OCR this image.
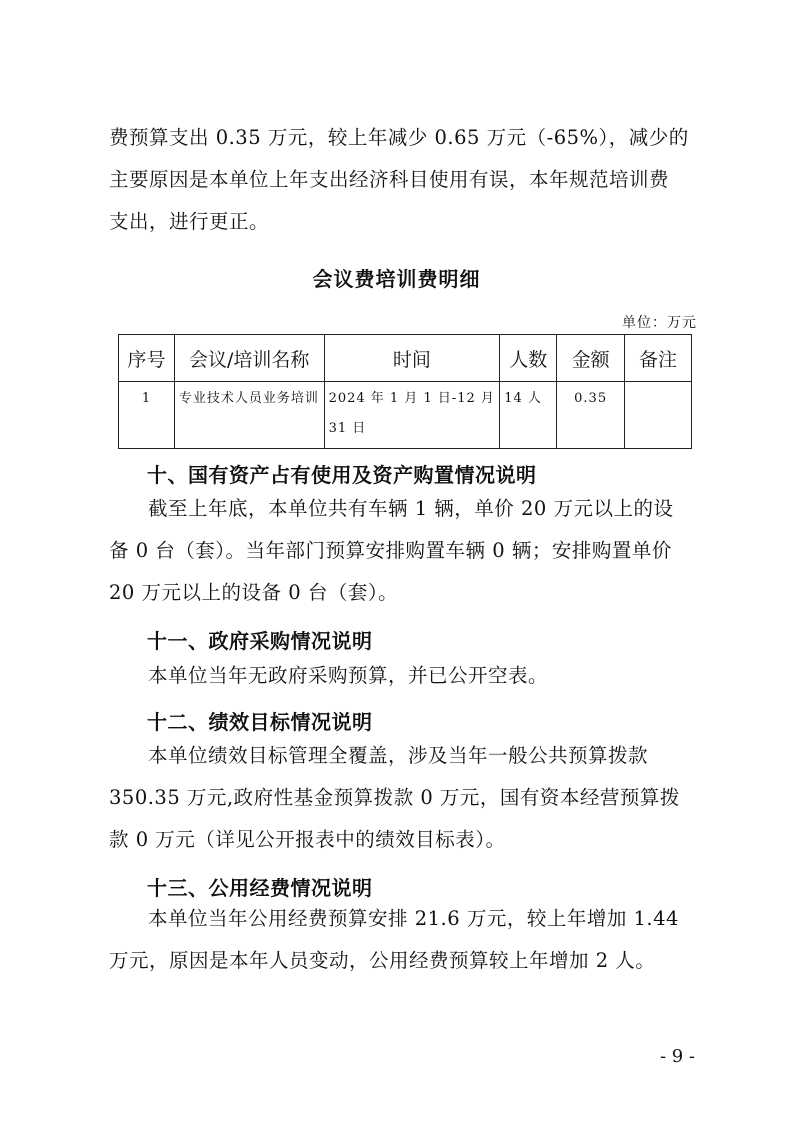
费预算支出 0.35 万元，较上年减少 0.65 万元（-65%），减少的
主要原因是本单位上年支出经济科目使用有误，本年规范培训费
支出，进行更正。
会议费培训费明细
单位：万元
序号	会议/培训名称	时间	人数	金额	备注
1	专业技术人员业务培训	2024 年 1 月 1 日-12 月 31 日	14 人	0.35	
十、国有资产占有使用及资产购置情况说明
截至上年底，本单位共有车辆 1 辆，单价 20 万元以上的设
备 0 台（套）。当年部门预算安排购置车辆 0 辆；安排购置单价
20 万元以上的设备 0 台（套）。
十一、政府采购情况说明
本单位当年无政府采购预算，并已公开空表。
十二、绩效目标情况说明
本单位绩效目标管理全覆盖，涉及当年一般公共预算拨款
350.35 万元,政府性基金预算拨款 0 万元，国有资本经营预算拨
款 0 万元（详见公开报表中的绩效目标表）。
十三、公用经费情况说明
本单位当年公用经费预算安排 21.6 万元，较上年增加 1.44
万元，原因是本年人员变动，公用经费预算较上年增加 2 人。
- 9 -
